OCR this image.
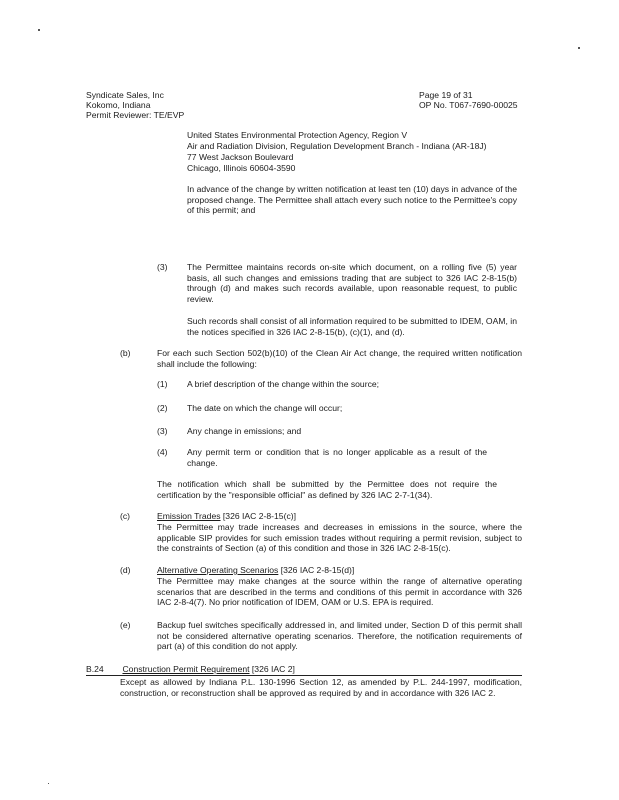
Syndicate Sales, Inc
Kokomo, Indiana
Permit Reviewer: TE/EVP
Page 19 of 31
OP No. T067-7690-00025
United States Environmental Protection Agency, Region V
Air and Radiation Division, Regulation Development Branch - Indiana (AR-18J)
77 West Jackson Boulevard
Chicago, Illinois 60604-3590
In advance of the change by written notification at least ten (10) days in advance of the proposed change. The Permittee shall attach every such notice to the Permittee's copy of this permit; and
(3) The Permittee maintains records on-site which document, on a rolling five (5) year basis, all such changes and emissions trading that are subject to 326 IAC 2-8-15(b) through (d) and makes such records available, upon reasonable request, to public review.
Such records shall consist of all information required to be submitted to IDEM, OAM, in the notices specified in 326 IAC 2-8-15(b), (c)(1), and (d).
(b)	For each such Section 502(b)(10) of the Clean Air Act change, the required written notification shall include the following:
(1) A brief description of the change within the source;
(2) The date on which the change will occur;
(3) Any change in emissions; and
(4) Any permit term or condition that is no longer applicable as a result of the change.
The notification which shall be submitted by the Permittee does not require the certification by the "responsible official" as defined by 326 IAC 2-7-1(34).
(c)	Emission Trades [326 IAC 2-8-15(c)]
The Permittee may trade increases and decreases in emissions in the source, where the applicable SIP provides for such emission trades without requiring a permit revision, subject to the constraints of Section (a) of this condition and those in 326 IAC 2-8-15(c).
(d)	Alternative Operating Scenarios [326 IAC 2-8-15(d)]
The Permittee may make changes at the source within the range of alternative operating scenarios that are described in the terms and conditions of this permit in accordance with 326 IAC 2-8-4(7). No prior notification of IDEM, OAM or U.S. EPA is required.
(e)	Backup fuel switches specifically addressed in, and limited under, Section D of this permit shall not be considered alternative operating scenarios. Therefore, the notification requirements of part (a) of this condition do not apply.
B.24 Construction Permit Requirement [326 IAC 2]
Except as allowed by Indiana P.L. 130-1996 Section 12, as amended by P.L. 244-1997, modification, construction, or reconstruction shall be approved as required by and in accordance with 326 IAC 2.
